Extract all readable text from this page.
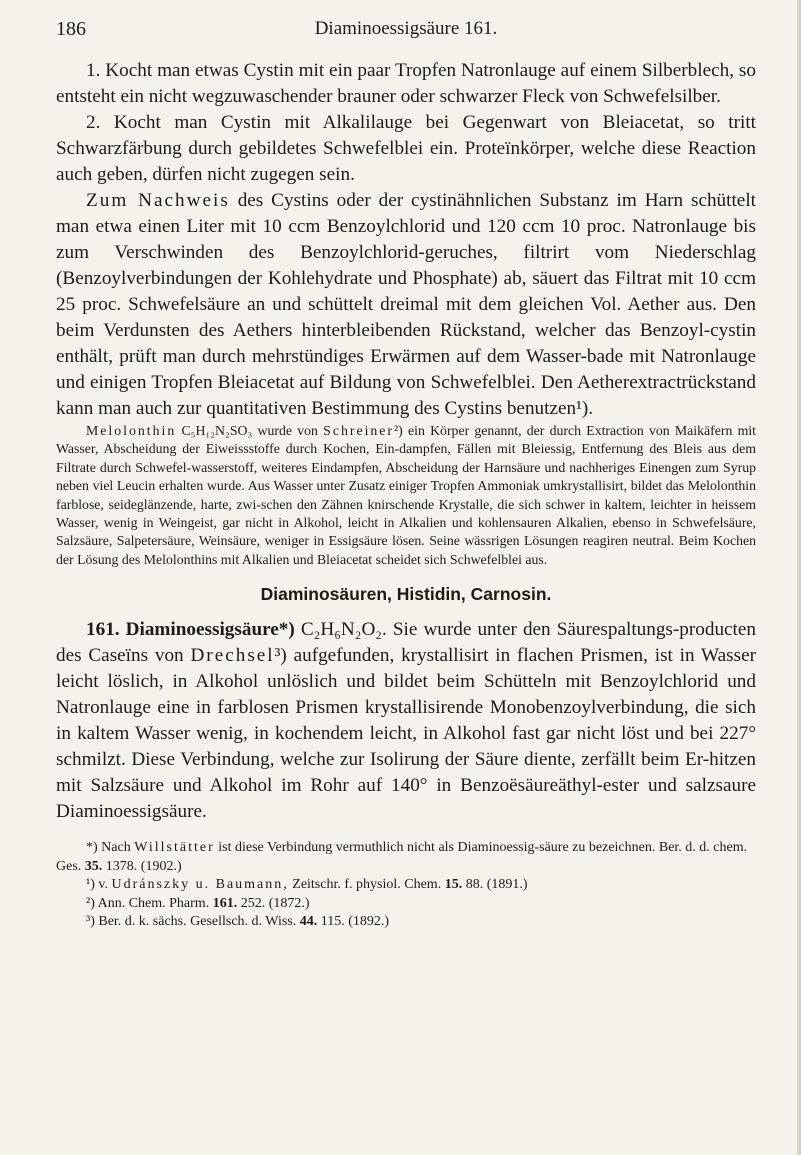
186	Diaminoessigsäure 161.

1. Kocht man etwas Cystin mit ein paar Tropfen Natronlauge auf einem Silberblech, so entsteht ein nicht wegzuwaschender brauner oder schwarzer Fleck von Schwefelsilber.

2. Kocht man Cystin mit Alkalilauge bei Gegenwart von Bleiacetat, so tritt Schwarzfärbung durch gebildetes Schwefelblei ein. Proteïnkörper, welche diese Reaction auch geben, dürfen nicht zugegen sein.

Zum Nachweis des Cystins oder der cystinähnlichen Substanz im Harn schüttelt man etwa einen Liter mit 10 ccm Benzoylchlorid und 120 ccm 10 proc. Natronlauge bis zum Verschwinden des Benzoylchlorid-geruches, filtrirt vom Niederschlag (Benzoylverbindungen der Kohlehydrate und Phosphate) ab, säuert das Filtrat mit 10 ccm 25 proc. Schwefelsäure an und schüttelt dreimal mit dem gleichen Vol. Aether aus. Den beim Verdunsten des Aethers hinterbleibenden Rückstand, welcher das Benzoyl-cystin enthält, prüft man durch mehrstündiges Erwärmen auf dem Wasser-bade mit Natronlauge und einigen Tropfen Bleiacetat auf Bildung von Schwefelblei. Den Aetherextractrückstand kann man auch zur quantitativen Bestimmung des Cystins benutzen¹).

Melolonthin C₅H₁₂N₂SO₃ wurde von Schreiner²) ein Körper genannt, der durch Extraction von Maikäfern mit Wasser, Abscheidung der Eiweissstoffe durch Kochen, Ein-dampfen, Fällen mit Bleiessig, Entfernung des Bleis aus dem Filtrate durch Schwefel-wasserstoff, weiteres Eindampfen, Abscheidung der Harnsäure und nachheriges Einengen zum Syrup neben viel Leucin erhalten wurde. Aus Wasser unter Zusatz einiger Tropfen Ammoniak umkrystallisirt, bildet das Melolonthin farblose, seideglänzende, harte, zwi-schen den Zähnen knirschende Krystalle, die sich schwer in kaltem, leichter in heissem Wasser, wenig in Weingeist, gar nicht in Alkohol, leicht in Alkalien und kohlensauren Alkalien, ebenso in Schwefelsäure, Salzsäure, Salpetersäure, Weinsäure, weniger in Essigsäure lösen. Seine wässrigen Lösungen reagiren neutral. Beim Kochen der Lösung des Melolonthins mit Alkalien und Bleiacetat scheidet sich Schwefelblei aus.

Diaminosäuren, Histidin, Carnosin.

161. Diaminoessigsäure*) C₂H₆N₂O₂. Sie wurde unter den Säurespaltungs-producten des Caseïns von Drechsel³) aufgefunden, krystallisirt in flachen Prismen, ist in Wasser leicht löslich, in Alkohol unlöslich und bildet beim Schütteln mit Benzoylchlorid und Natronlauge eine in farblosen Prismen krystallisirende Monobenzoylverbindung, die sich in kaltem Wasser wenig, in kochendem leicht, in Alkohol fast gar nicht löst und bei 227° schmilzt. Diese Verbindung, welche zur Isolirung der Säure diente, zerfällt beim Er-hitzen mit Salzsäure und Alkohol im Rohr auf 140° in Benzoësäureäthyl-ester und salzsaure Diaminoessigsäure.

*) Nach Willstätter ist diese Verbindung vermuthlich nicht als Diaminoessig-säure zu bezeichnen. Ber. d. d. chem. Ges. 35. 1378. (1902.)

¹) v. Udránszky u. Baumann, Zeitschr. f. physiol. Chem. 15. 88. (1891.)

²) Ann. Chem. Pharm. 161. 252. (1872.)

³) Ber. d. k. sächs. Gesellsch. d. Wiss. 44. 115. (1892.)
